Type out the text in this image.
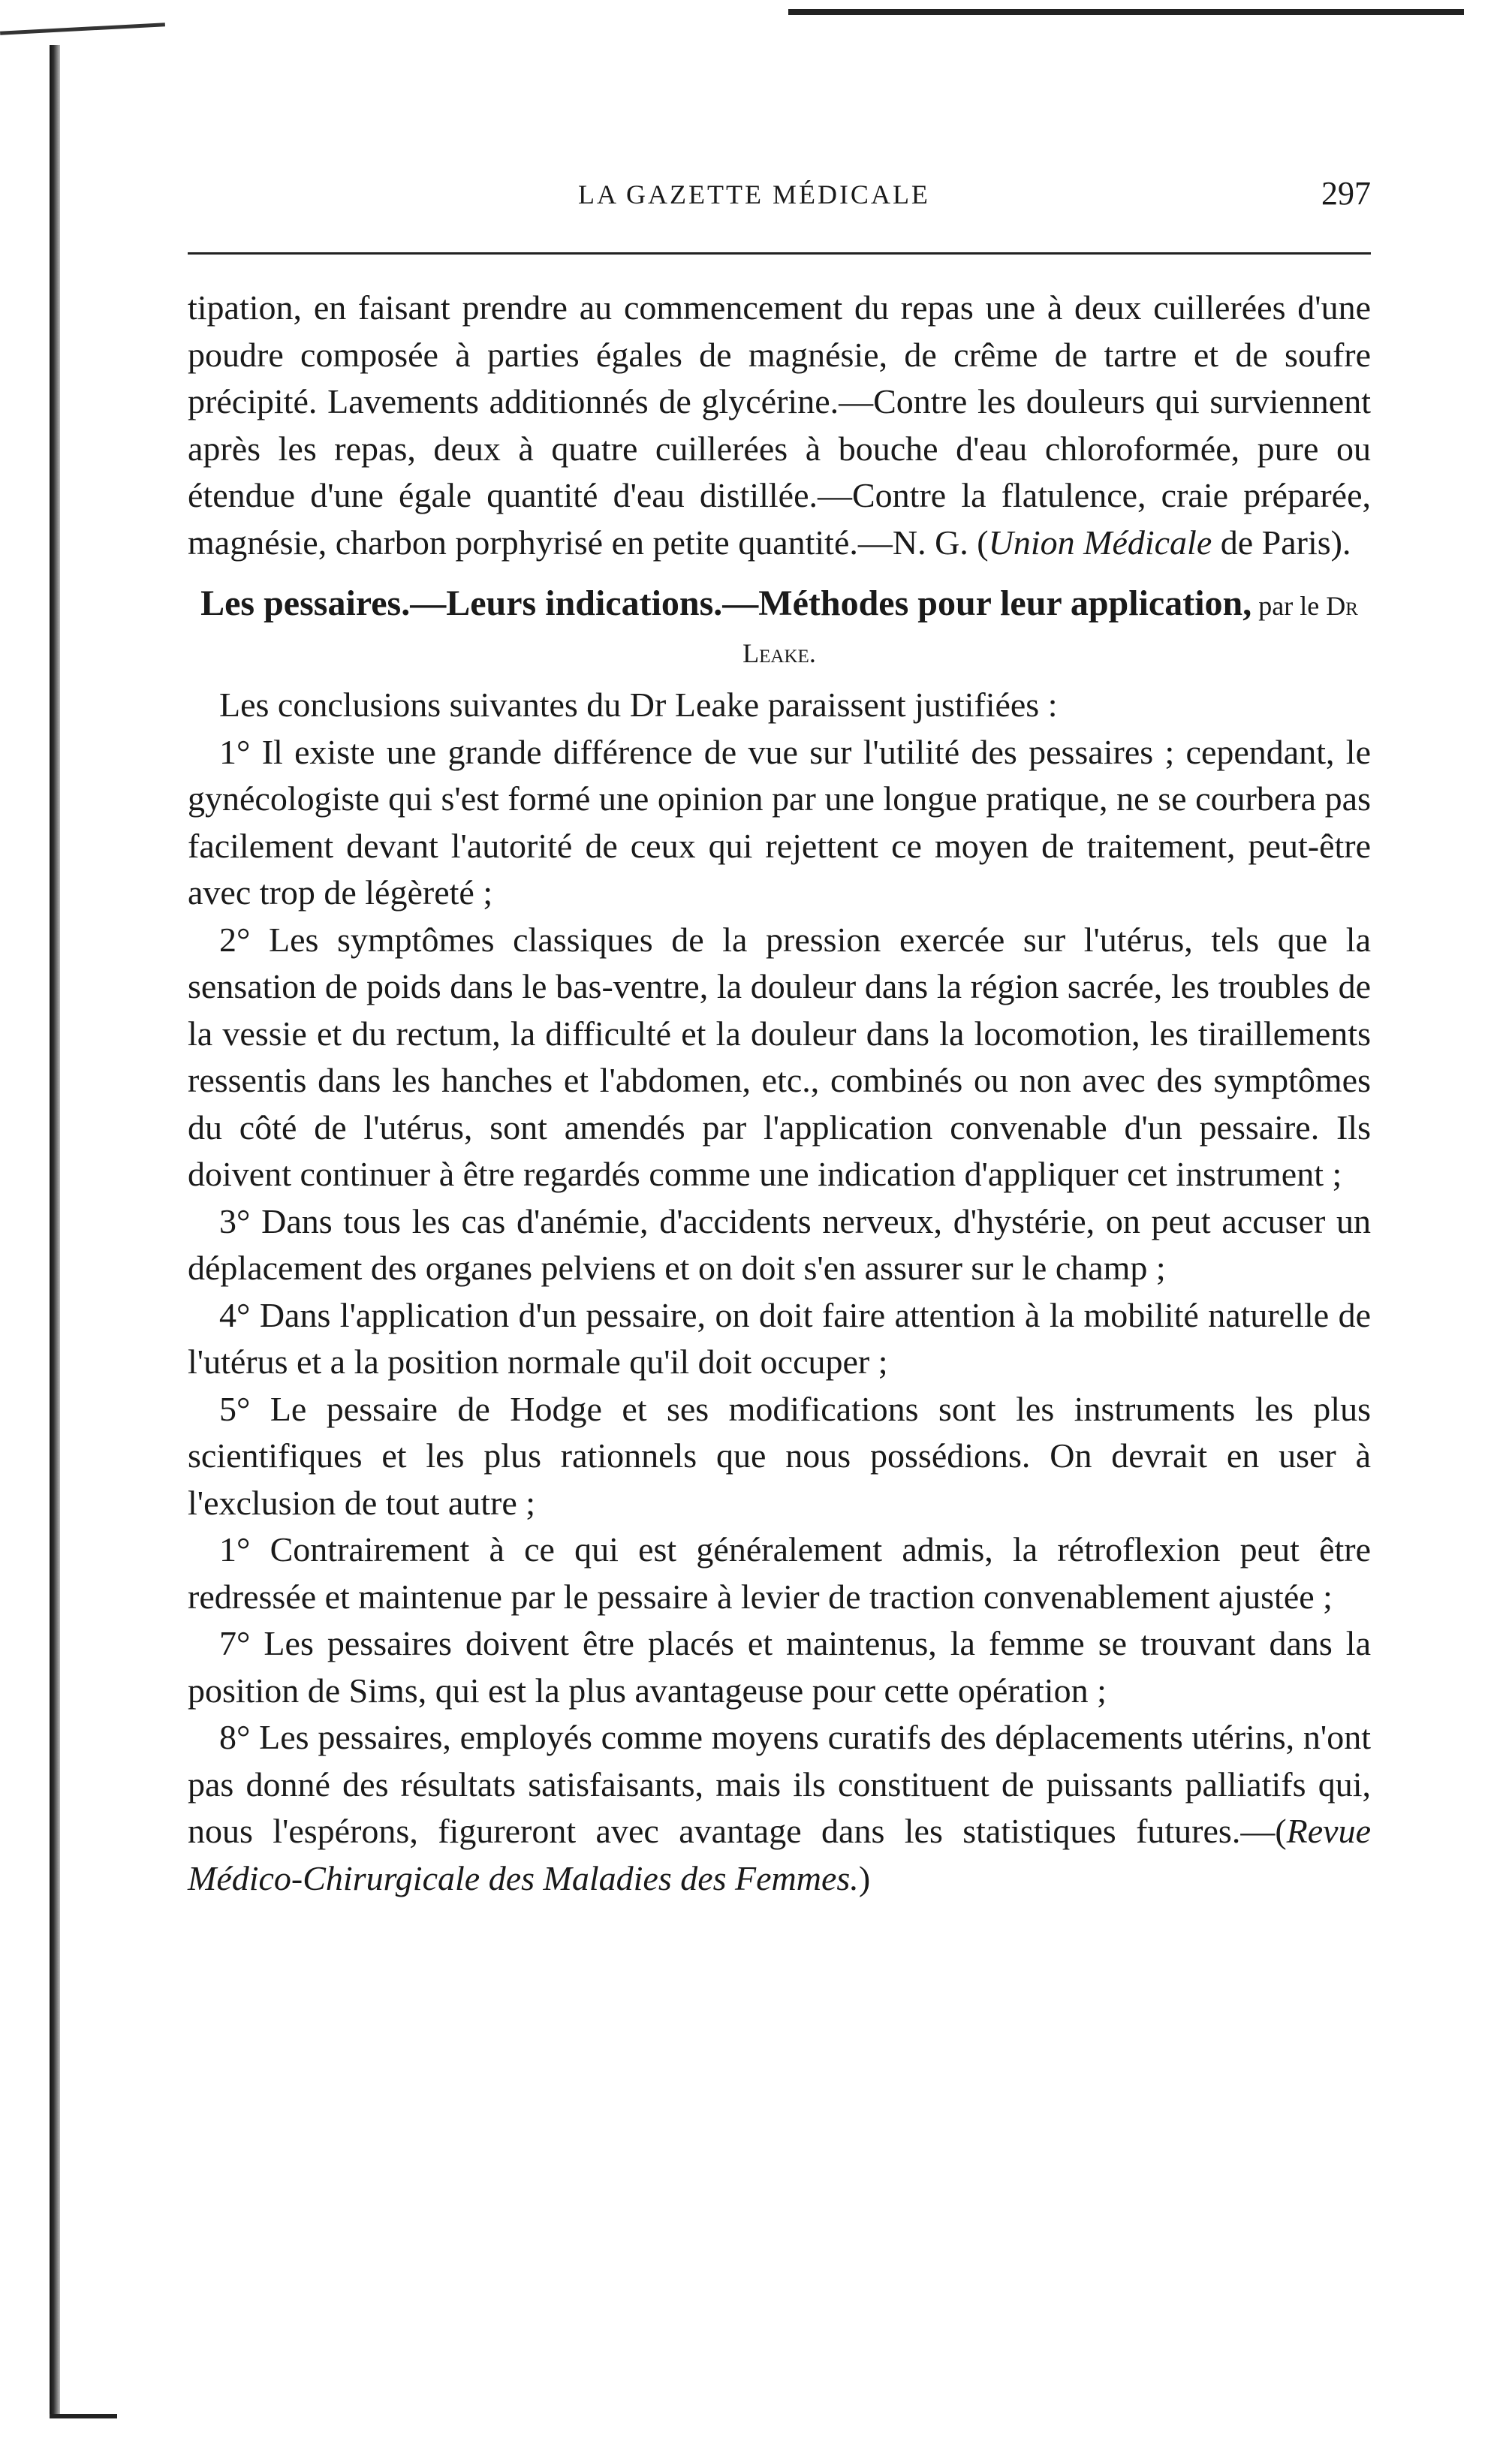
LA GAZETTE MÉDICALE	297

tipation, en faisant prendre au commencement du repas une à deux cuillerées d'une poudre composée à parties égales de magnésie, de crême de tartre et de soufre précipité. Lavements additionnés de glycérine.—Contre les douleurs qui surviennent après les repas, deux à quatre cuillerées à bouche d'eau chloroformée, pure ou étendue d'une égale quantité d'eau distillée.—Contre la flatulence, craie préparée, magnésie, charbon porphyrisé en petite quantité.—N. G. (Union Médicale de Paris).

Les pessaires.—Leurs indications.—Méthodes pour leur application, par le Dr Leake.

Les conclusions suivantes du Dr Leake paraissent justifiées :

1° Il existe une grande différence de vue sur l'utilité des pessaires ; cependant, le gynécologiste qui s'est formé une opinion par une longue pratique, ne se courbera pas facilement devant l'autorité de ceux qui rejettent ce moyen de traitement, peut-être avec trop de légèreté ;

2° Les symptômes classiques de la pression exercée sur l'utérus, tels que la sensation de poids dans le bas-ventre, la douleur dans la région sacrée, les troubles de la vessie et du rectum, la difficulté et la douleur dans la locomotion, les tiraillements ressentis dans les hanches et l'abdomen, etc., combinés ou non avec des symptômes du côté de l'utérus, sont amendés par l'application convenable d'un pessaire. Ils doivent continuer à être regardés comme une indication d'appliquer cet instrument ;

3° Dans tous les cas d'anémie, d'accidents nerveux, d'hystérie, on peut accuser un déplacement des organes pelviens et on doit s'en assurer sur le champ ;

4° Dans l'application d'un pessaire, on doit faire attention à la mobilité naturelle de l'utérus et a la position normale qu'il doit occuper ;

5° Le pessaire de Hodge et ses modifications sont les instruments les plus scientifiques et les plus rationnels que nous possédions. On devrait en user à l'exclusion de tout autre ;

1° Contrairement à ce qui est généralement admis, la rétroflexion peut être redressée et maintenue par le pessaire à levier de traction convenablement ajustée ;

7° Les pessaires doivent être placés et maintenus, la femme se trouvant dans la position de Sims, qui est la plus avantageuse pour cette opération ;

8° Les pessaires, employés comme moyens curatifs des déplacements utérins, n'ont pas donné des résultats satisfaisants, mais ils constituent de puissants palliatifs qui, nous l'espérons, figureront avec avantage dans les statistiques futures.—(Revue Médico-Chirurgicale des Maladies des Femmes.)
